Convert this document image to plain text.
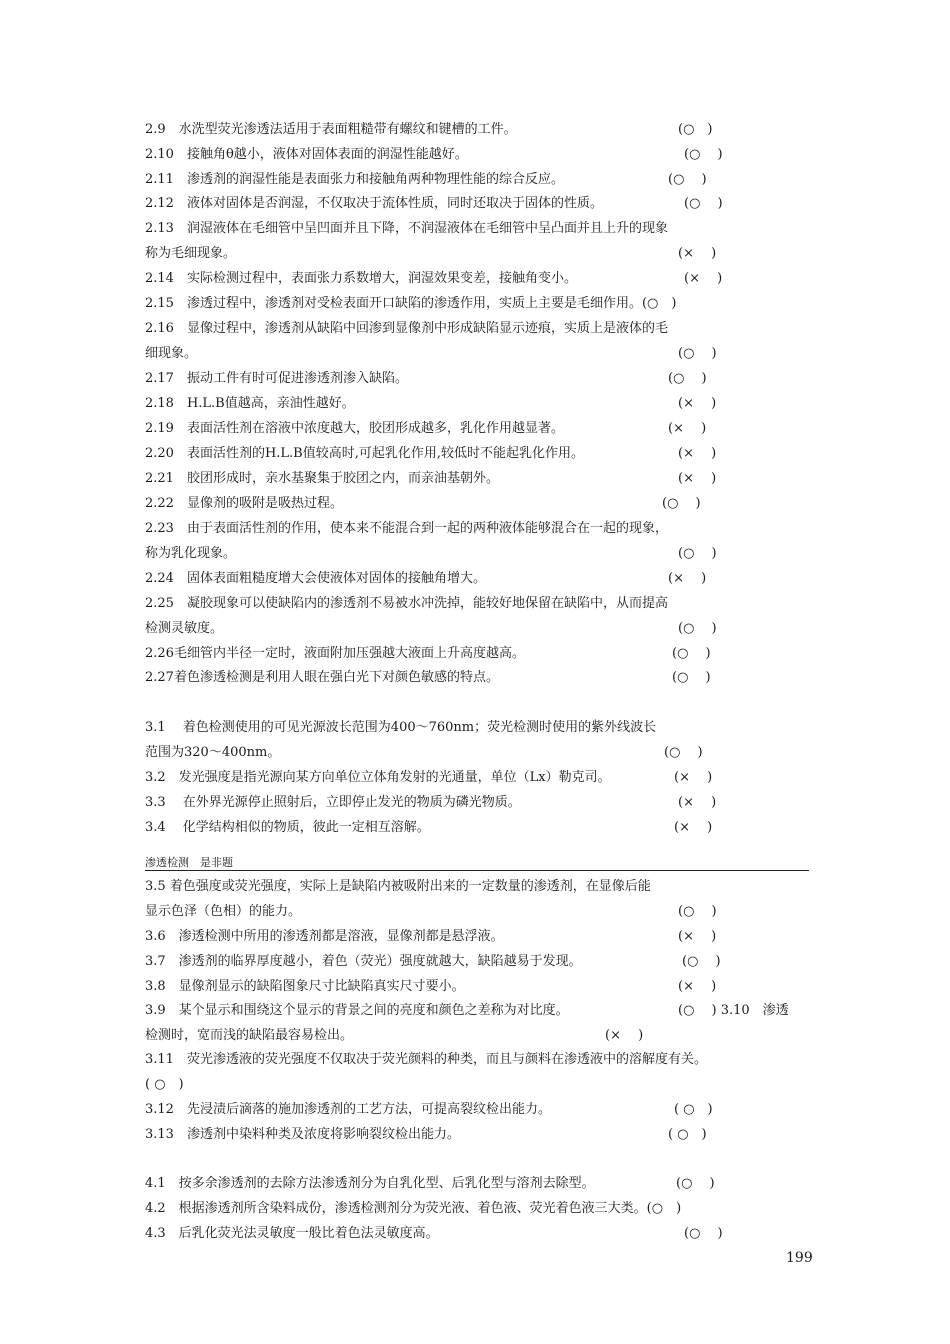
2.9　水洗型荧光渗透法适用于表面粗糙带有螺纹和键槽的工件。	(○　)
2.10　接触角θ越小，液体对固体表面的润湿性能越好。	(○　 )
2.11　渗透剂的润湿性能是表面张力和接触角两种物理性能的综合反应。	(○　 )
2.12　液体对固体是否润湿，不仅取决于流体性质，同时还取决于固体的性质。	(○　 )
2.13　润湿液体在毛细管中呈凹面并且下降，不润湿液体在毛细管中呈凸面并且上升的现象
称为毛细现象。	(×　 )
2.14　实际检测过程中，表面张力系数增大，润湿效果变差，接触角变小。	(×　 )
2.15　渗透过程中，渗透剂对受检表面开口缺陷的渗透作用，实质上主要是毛细作用。(○　)
2.16　显像过程中，渗透剂从缺陷中回渗到显像剂中形成缺陷显示迹痕，实质上是液体的毛
细现象。	(○　 )
2.17　振动工件有时可促进渗透剂渗入缺陷。	(○　 )
2.18　H.L.B值越高，亲油性越好。	(×　 )
2.19　表面活性剂在溶液中浓度越大，胶团形成越多，乳化作用越显著。	(×　 )
2.20　表面活性剂的H.L.B值较高时,可起乳化作用,较低时不能起乳化作用。	(×　 )
2.21　胶团形成时，亲水基聚集于胶团之内，而亲油基朝外。	(×　 )
2.22　显像剂的吸附是吸热过程。	(○　 )
2.23　由于表面活性剂的作用，使本来不能混合到一起的两种液体能够混合在一起的现象，
称为乳化现象。	(○　 )
2.24　固体表面粗糙度增大会使液体对固体的接触角增大。	(×　 )
2.25　凝胶现象可以使缺陷内的渗透剂不易被水冲洗掉，能较好地保留在缺陷中，从而提高
检测灵敏度。	(○　 )
2.26毛细管内半径一定时，液面附加压强越大液面上升高度越高。	(○　 )
2.27着色渗透检测是利用人眼在强白光下对颜色敏感的特点。	(○　 )
3.1　 着色检测使用的可见光源波长范围为400～760nm；荧光检测时使用的紫外线波长
范围为320～400nm。	(○　 )
3.2　发光强度是指光源向某方向单位立体角发射的光通量，单位（Lx）勒克司。	(×　 )
3.3　 在外界光源停止照射后，立即停止发光的物质为磷光物质。	(×　 )
3.4　 化学结构相似的物质，彼此一定相互溶解。	(×　 )
3.5 着色强度或荧光强度，实际上是缺陷内被吸附出来的一定数量的渗透剂，在显像后能
显示色泽（色相）的能力。	(○　 )
3.6　渗透检测中所用的渗透剂都是溶液，显像剂都是悬浮液。	(×　 )
3.7　渗透剂的临界厚度越小，着色（荧光）强度就越大，缺陷越易于发现。	(○　 )
3.8　显像剂显示的缺陷图象尺寸比缺陷真实尺寸要小。	(×　 )
3.9　某个显示和围绕这个显示的背景之间的亮度和颜色之差称为对比度。	(○　 ) 3.10　渗透
检测时，宽而浅的缺陷最容易检出。	(×　 )
3.11　荧光渗透液的荧光强度不仅取决于荧光颜料的种类，而且与颜料在渗透液中的溶解度有关。
( ○　)
3.12　先浸渍后滴落的施加渗透剂的工艺方法，可提高裂纹检出能力。	( ○　)
3.13　渗透剂中染料种类及浓度将影响裂纹检出能力。	( ○　)
4.1　按多余渗透剂的去除方法渗透剂分为自乳化型、后乳化型与溶剂去除型。	(○　 )
4.2　根据渗透剂所含染料成份，渗透检测剂分为荧光液、着色液、荧光着色液三大类。(○　)
4.3　后乳化荧光法灵敏度一般比着色法灵敏度高。	(○　 )
渗透检测　是非题
199
